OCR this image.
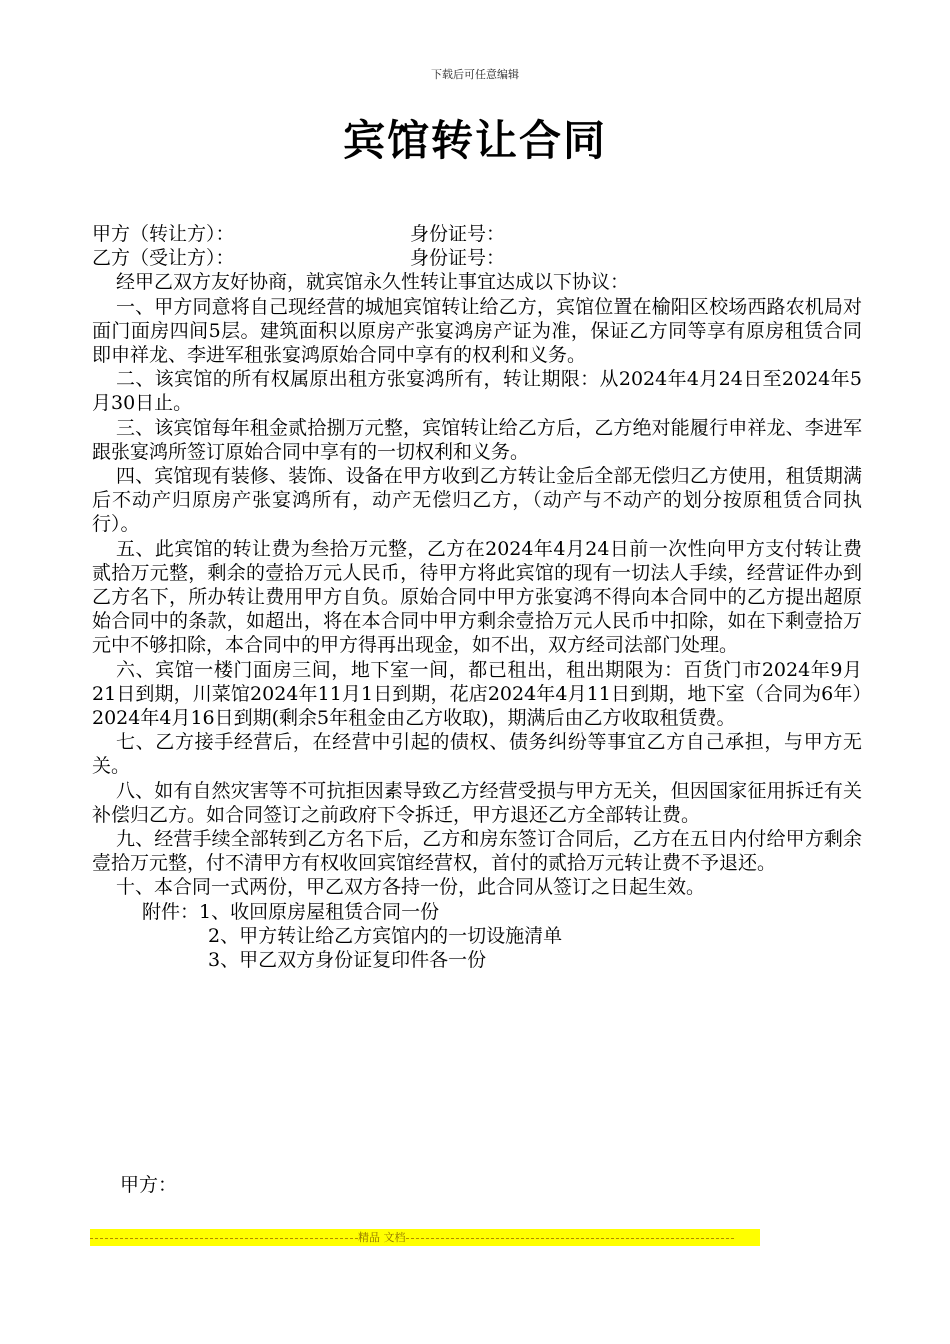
下载后可任意编辑
宾馆转让合同
甲方（转让方）：	身份证号：
乙方（受让方）：	身份证号：

经甲乙双方友好协商，就宾馆永久性转让事宜达成以下协议：

一、甲方同意将自己现经营的城旭宾馆转让给乙方，宾馆位置在榆阳区校场西路农机局对面门面房四间5层。建筑面积以原房产张宴鸿房产证为准，保证乙方同等享有原房租赁合同即申祥龙、李进军租张宴鸿原始合同中享有的权利和义务。

二、该宾馆的所有权属原出租方张宴鸿所有，转让期限：从2024年4月24日至2024年5月30日止。

三、该宾馆每年租金贰拾捌万元整，宾馆转让给乙方后，乙方绝对能履行申祥龙、李进军跟张宴鸿所签订原始合同中享有的一切权利和义务。

四、宾馆现有装修、装饰、设备在甲方收到乙方转让金后全部无偿归乙方使用，租赁期满后不动产归原房产张宴鸿所有，动产无偿归乙方，（动产与不动产的划分按原租赁合同执行）。

五、此宾馆的转让费为叁拾万元整，乙方在2024年4月24日前一次性向甲方支付转让费贰拾万元整，剩余的壹拾万元人民币，待甲方将此宾馆的现有一切法人手续，经营证件办到乙方名下，所办转让费用甲方自负。原始合同中甲方张宴鸿不得向本合同中的乙方提出超原始合同中的条款，如超出，将在本合同中甲方剩余壹拾万元人民币中扣除，如在下剩壹拾万元中不够扣除，本合同中的甲方得再出现金，如不出，双方经司法部门处理。

六、宾馆一楼门面房三间，地下室一间，都已租出，租出期限为：百货门市2024年9月21日到期，川菜馆2024年11月1日到期，花店2024年4月11日到期，地下室（合同为6年）2024年4月16日到期(剩余5年租金由乙方收取)，期满后由乙方收取租赁费。

七、乙方接手经营后，在经营中引起的债权、债务纠纷等事宜乙方自己承担，与甲方无关。

八、如有自然灾害等不可抗拒因素导致乙方经营受损与甲方无关，但因国家征用拆迁有关补偿归乙方。如合同签订之前政府下令拆迁，甲方退还乙方全部转让费。

九、经营手续全部转到乙方名下后，乙方和房东签订合同后，乙方在五日内付给甲方剩余壹拾万元整，付不清甲方有权收回宾馆经营权，首付的贰拾万元转让费不予退还。

十、本合同一式两份，甲乙双方各持一份，此合同从签订之日起生效。

附件：1、收回原房屋租赁合同一份
2、甲方转让给乙方宾馆内的一切设施清单
3、甲乙双方身份证复印件各一份
甲方：
精品 文档
